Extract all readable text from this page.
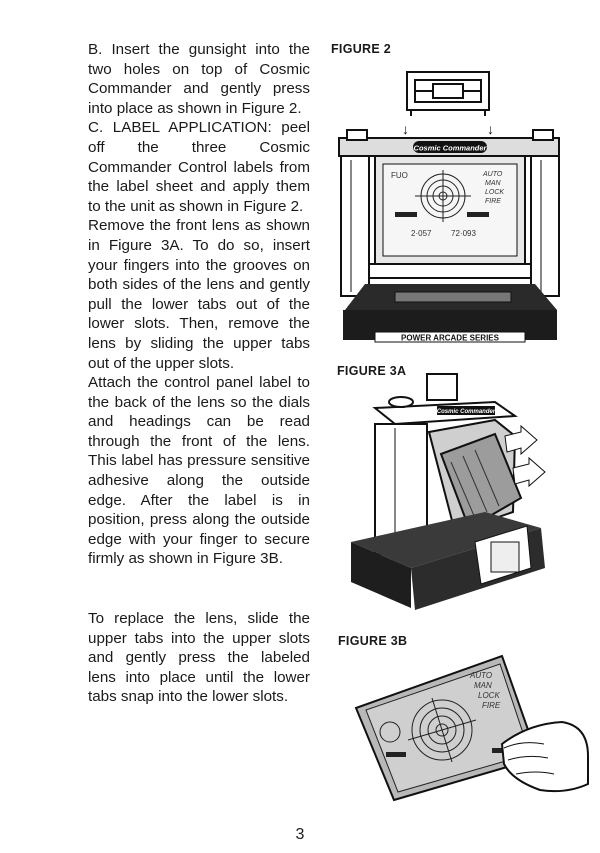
B. Insert the gunsight into the two holes on top of Cosmic Commander and gently press into place as shown in Figure 2.

C. LABEL APPLICATION: peel off the three Cosmic Commander Control labels from the label sheet and apply them to the unit as shown in Figure 2.

Remove the front lens as shown in Figure 3A. To do so, insert your fingers into the grooves on both sides of the lens and gently pull the lower tabs out of the lower slots. Then, remove the lens by sliding the upper tabs out of the upper slots.

Attach the control panel label to the back of the lens so the dials and headings can be read through the front of the lens. This label has pressure sensitive adhesive along the outside edge. After the label is in position, press along the outside edge with your finger to secure firmly as shown in Figure 3B.

To replace the lens, slide the upper tabs into the upper slots and gently press the labeled lens into place until the lower tabs snap into the lower slots.

FIGURE 2
↓	↓
Cosmic Commander
FUO	AUTO
MAN
LOCK
FIRE
2·057 72·093
POWER ARCADE SERIES
FIGURE 3A
Cosmic Commander
FIGURE 3B
AUTO
MAN
LOCK
FIRE
3
